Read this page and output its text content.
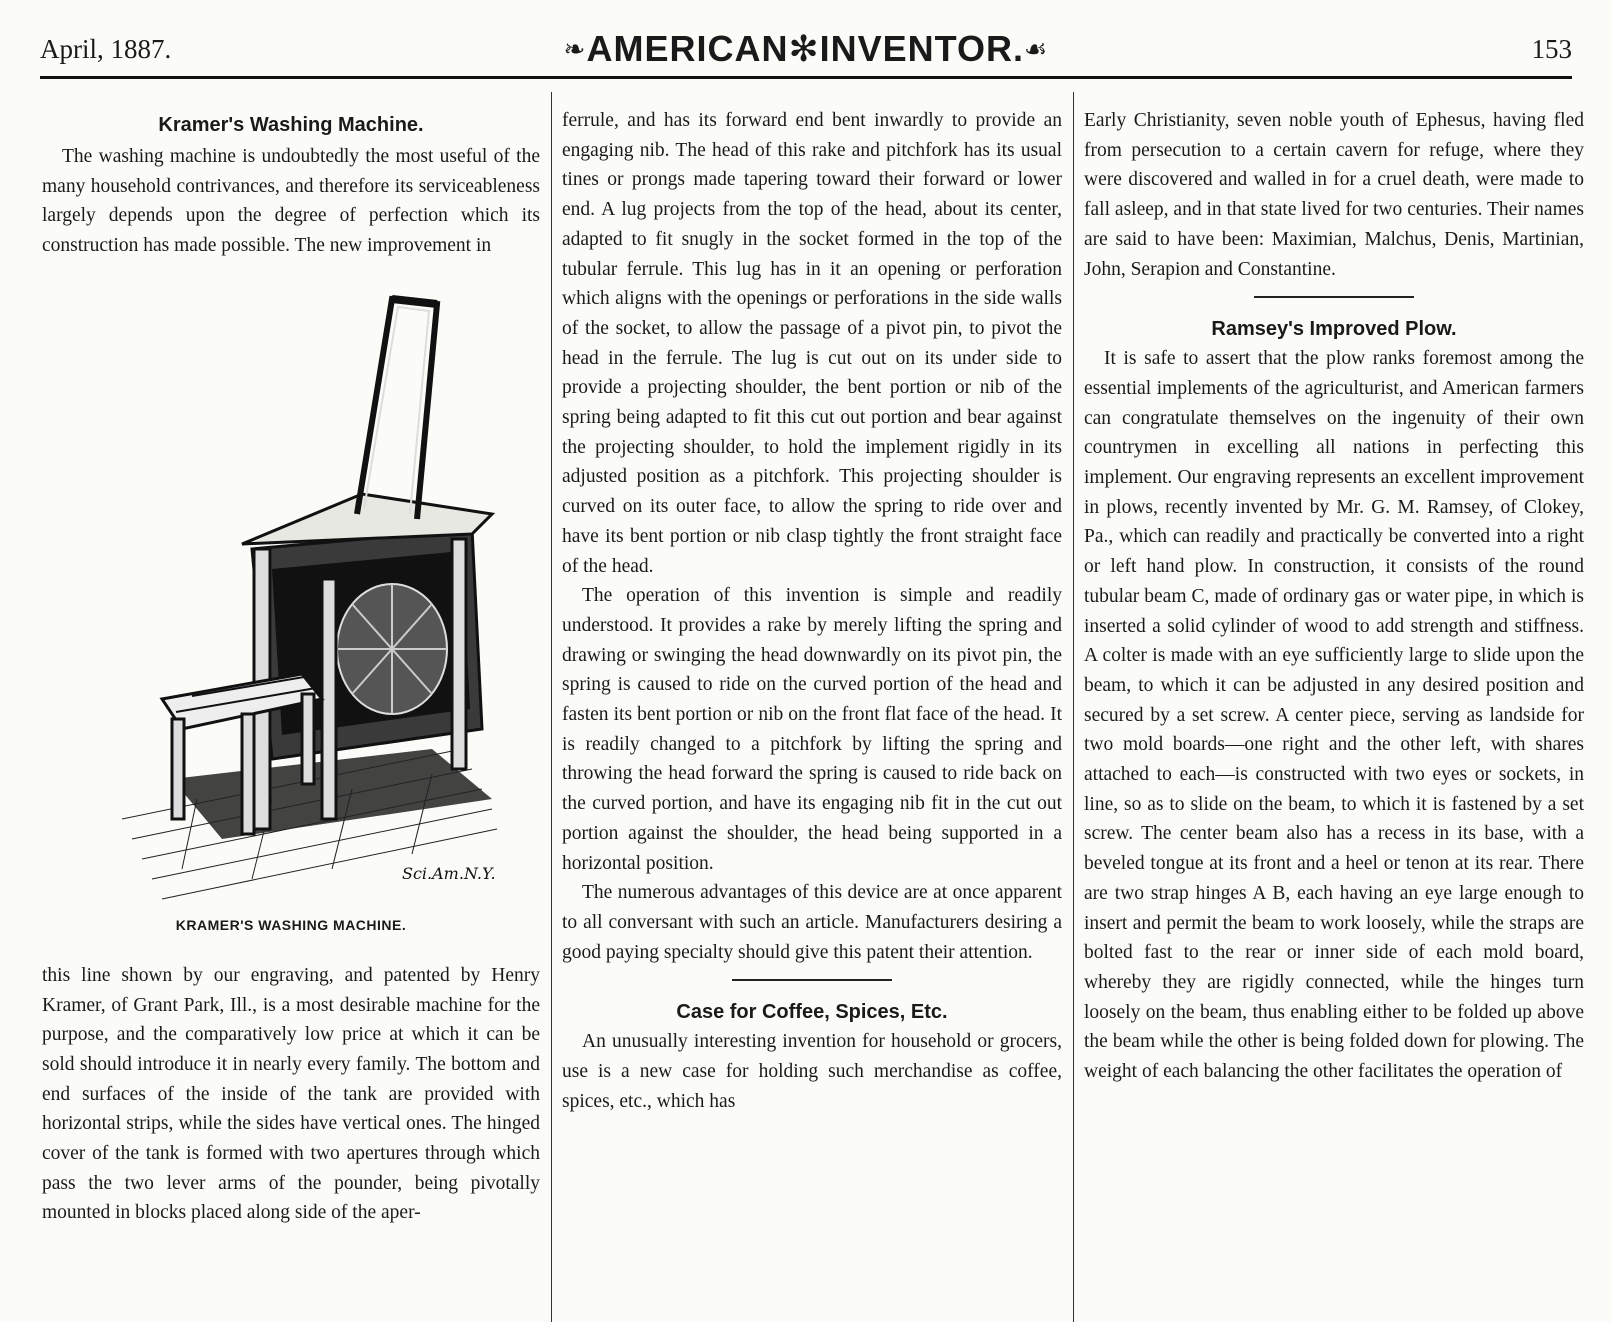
April, 1887.	❧AMERICAN✻INVENTOR.☙	153
Kramer's Washing Machine.

The washing machine is undoubtedly the most useful of the many household contrivances, and therefore its serviceableness largely depends upon the degree of perfection which its construction has made possible. The new improvement in

Sci.Am.N.Y.
KRAMER'S WASHING MACHINE.

this line shown by our engraving, and patented by Henry Kramer, of Grant Park, Ill., is a most desirable machine for the purpose, and the comparatively low price at which it can be sold should introduce it in nearly every family. The bottom and end surfaces of the inside of the tank are provided with horizontal strips, while the sides have vertical ones. The hinged cover of the tank is formed with two apertures through which pass the two lever arms of the pounder, being pivotally mounted in blocks placed along side of the aper-

ferrule, and has its forward end bent inwardly to provide an engaging nib. The head of this rake and pitchfork has its usual tines or prongs made tapering toward their forward or lower end. A lug projects from the top of the head, about its center, adapted to fit snugly in the socket formed in the top of the tubular ferrule. This lug has in it an opening or perforation which aligns with the openings or perforations in the side walls of the socket, to allow the passage of a pivot pin, to pivot the head in the ferrule. The lug is cut out on its under side to provide a projecting shoulder, the bent portion or nib of the spring being adapted to fit this cut out portion and bear against the projecting shoulder, to hold the implement rigidly in its adjusted position as a pitchfork. This projecting shoulder is curved on its outer face, to allow the spring to ride over and have its bent portion or nib clasp tightly the front straight face of the head.

The operation of this invention is simple and readily understood. It provides a rake by merely lifting the spring and drawing or swinging the head downwardly on its pivot pin, the spring is caused to ride on the curved portion of the head and fasten its bent portion or nib on the front flat face of the head. It is readily changed to a pitchfork by lifting the spring and throwing the head forward the spring is caused to ride back on the curved portion, and have its engaging nib fit in the cut out portion against the shoulder, the head being supported in a horizontal position.

The numerous advantages of this device are at once apparent to all conversant with such an article. Manufacturers desiring a good paying specialty should give this patent their attention.

Case for Coffee, Spices, Etc.

An unusually interesting invention for household or grocers, use is a new case for holding such merchandise as coffee, spices, etc., which has

Early Christianity, seven noble youth of Ephesus, having fled from persecution to a certain cavern for refuge, where they were discovered and walled in for a cruel death, were made to fall asleep, and in that state lived for two centuries. Their names are said to have been: Maximian, Malchus, Denis, Martinian, John, Serapion and Constantine.

Ramsey's Improved Plow.

It is safe to assert that the plow ranks foremost among the essential implements of the agriculturist, and American farmers can congratulate themselves on the ingenuity of their own countrymen in excelling all nations in perfecting this implement. Our engraving represents an excellent improvement in plows, recently invented by Mr. G. M. Ramsey, of Clokey, Pa., which can readily and practically be converted into a right or left hand plow. In construction, it consists of the round tubular beam C, made of ordinary gas or water pipe, in which is inserted a solid cylinder of wood to add strength and stiffness. A colter is made with an eye sufficiently large to slide upon the beam, to which it can be adjusted in any desired position and secured by a set screw. A center piece, serving as landside for two mold boards—one right and the other left, with shares attached to each—is constructed with two eyes or sockets, in line, so as to slide on the beam, to which it is fastened by a set screw. The center beam also has a recess in its base, with a beveled tongue at its front and a heel or tenon at its rear. There are two strap hinges A B, each having an eye large enough to insert and permit the beam to work loosely, while the straps are bolted fast to the rear or inner side of each mold board, whereby they are rigidly connected, while the hinges turn loosely on the beam, thus enabling either to be folded up above the beam while the other is being folded down for plowing. The weight of each balancing the other facilitates the operation of
